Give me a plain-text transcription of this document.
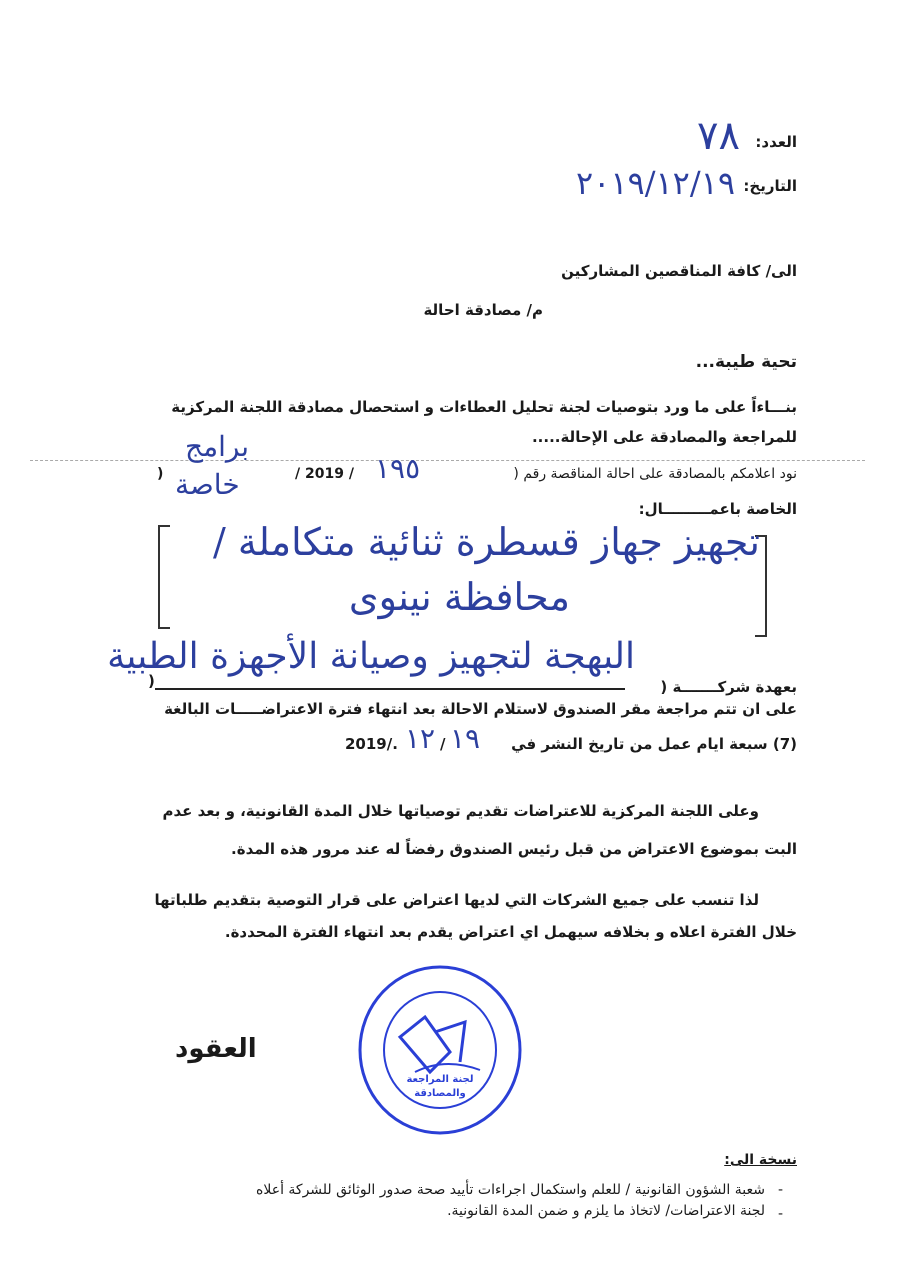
العدد:
٧٨
التاريخ:
٢٠١٩/١٢/١٩
الى/ كافة المناقصين المشاركين
م/ مصادقة احالة
تحية طيبة...
بنـــاءاً على ما ورد بتوصيات لجنة تحليل العطاءات و استحصال مصادقة اللجنة المركزية للمراجعة والمصادقة على الإحالة.....
نود اعلامكم بالمصادقة على احالة المناقصة رقم (
١٩٥
/ 2019 /
)
برامج
خاصة
الخاصة باعمـــــــــال:
تجهيز جهاز قسطرة ثنائية متكاملة /
محافظة نينوى
بعهدة شركـــــــة (
البهجة لتجهيز وصيانة الأجهزة الطبية
)
على ان تتم مراجعة مقر الصندوق لاستلام الاحالة بعد انتهاء فترة الاعتراضـــــات البالغة
(7) سبعة ايام عمل من تاريخ النشر في
١٩
/
١٢
2019/.
وعلى اللجنة المركزية للاعتراضات تقديم توصياتها خلال المدة القانونية، و بعد عدم البت بموضوع الاعتراض من قبل رئيس الصندوق رفضاً له عند مرور هذه المدة.
لذا تنسب على جميع الشركات التي لديها اعتراض على قرار التوصية بتقديم طلباتها خلال الفترة اعلاه و بخلافه سيهمل اي اعتراض يقدم بعد انتهاء الفترة المحددة.
العقود
لجنة المراجعة
والمصادقة
نسخة الى:
شعبة الشؤون القانونية / للعلم واستكمال اجراءات تأييد صحة صدور الوثائق للشركة أعلاه -
لجنة الاعتراضات/ لاتخاذ ما يلزم و ضمن المدة القانونية. -
